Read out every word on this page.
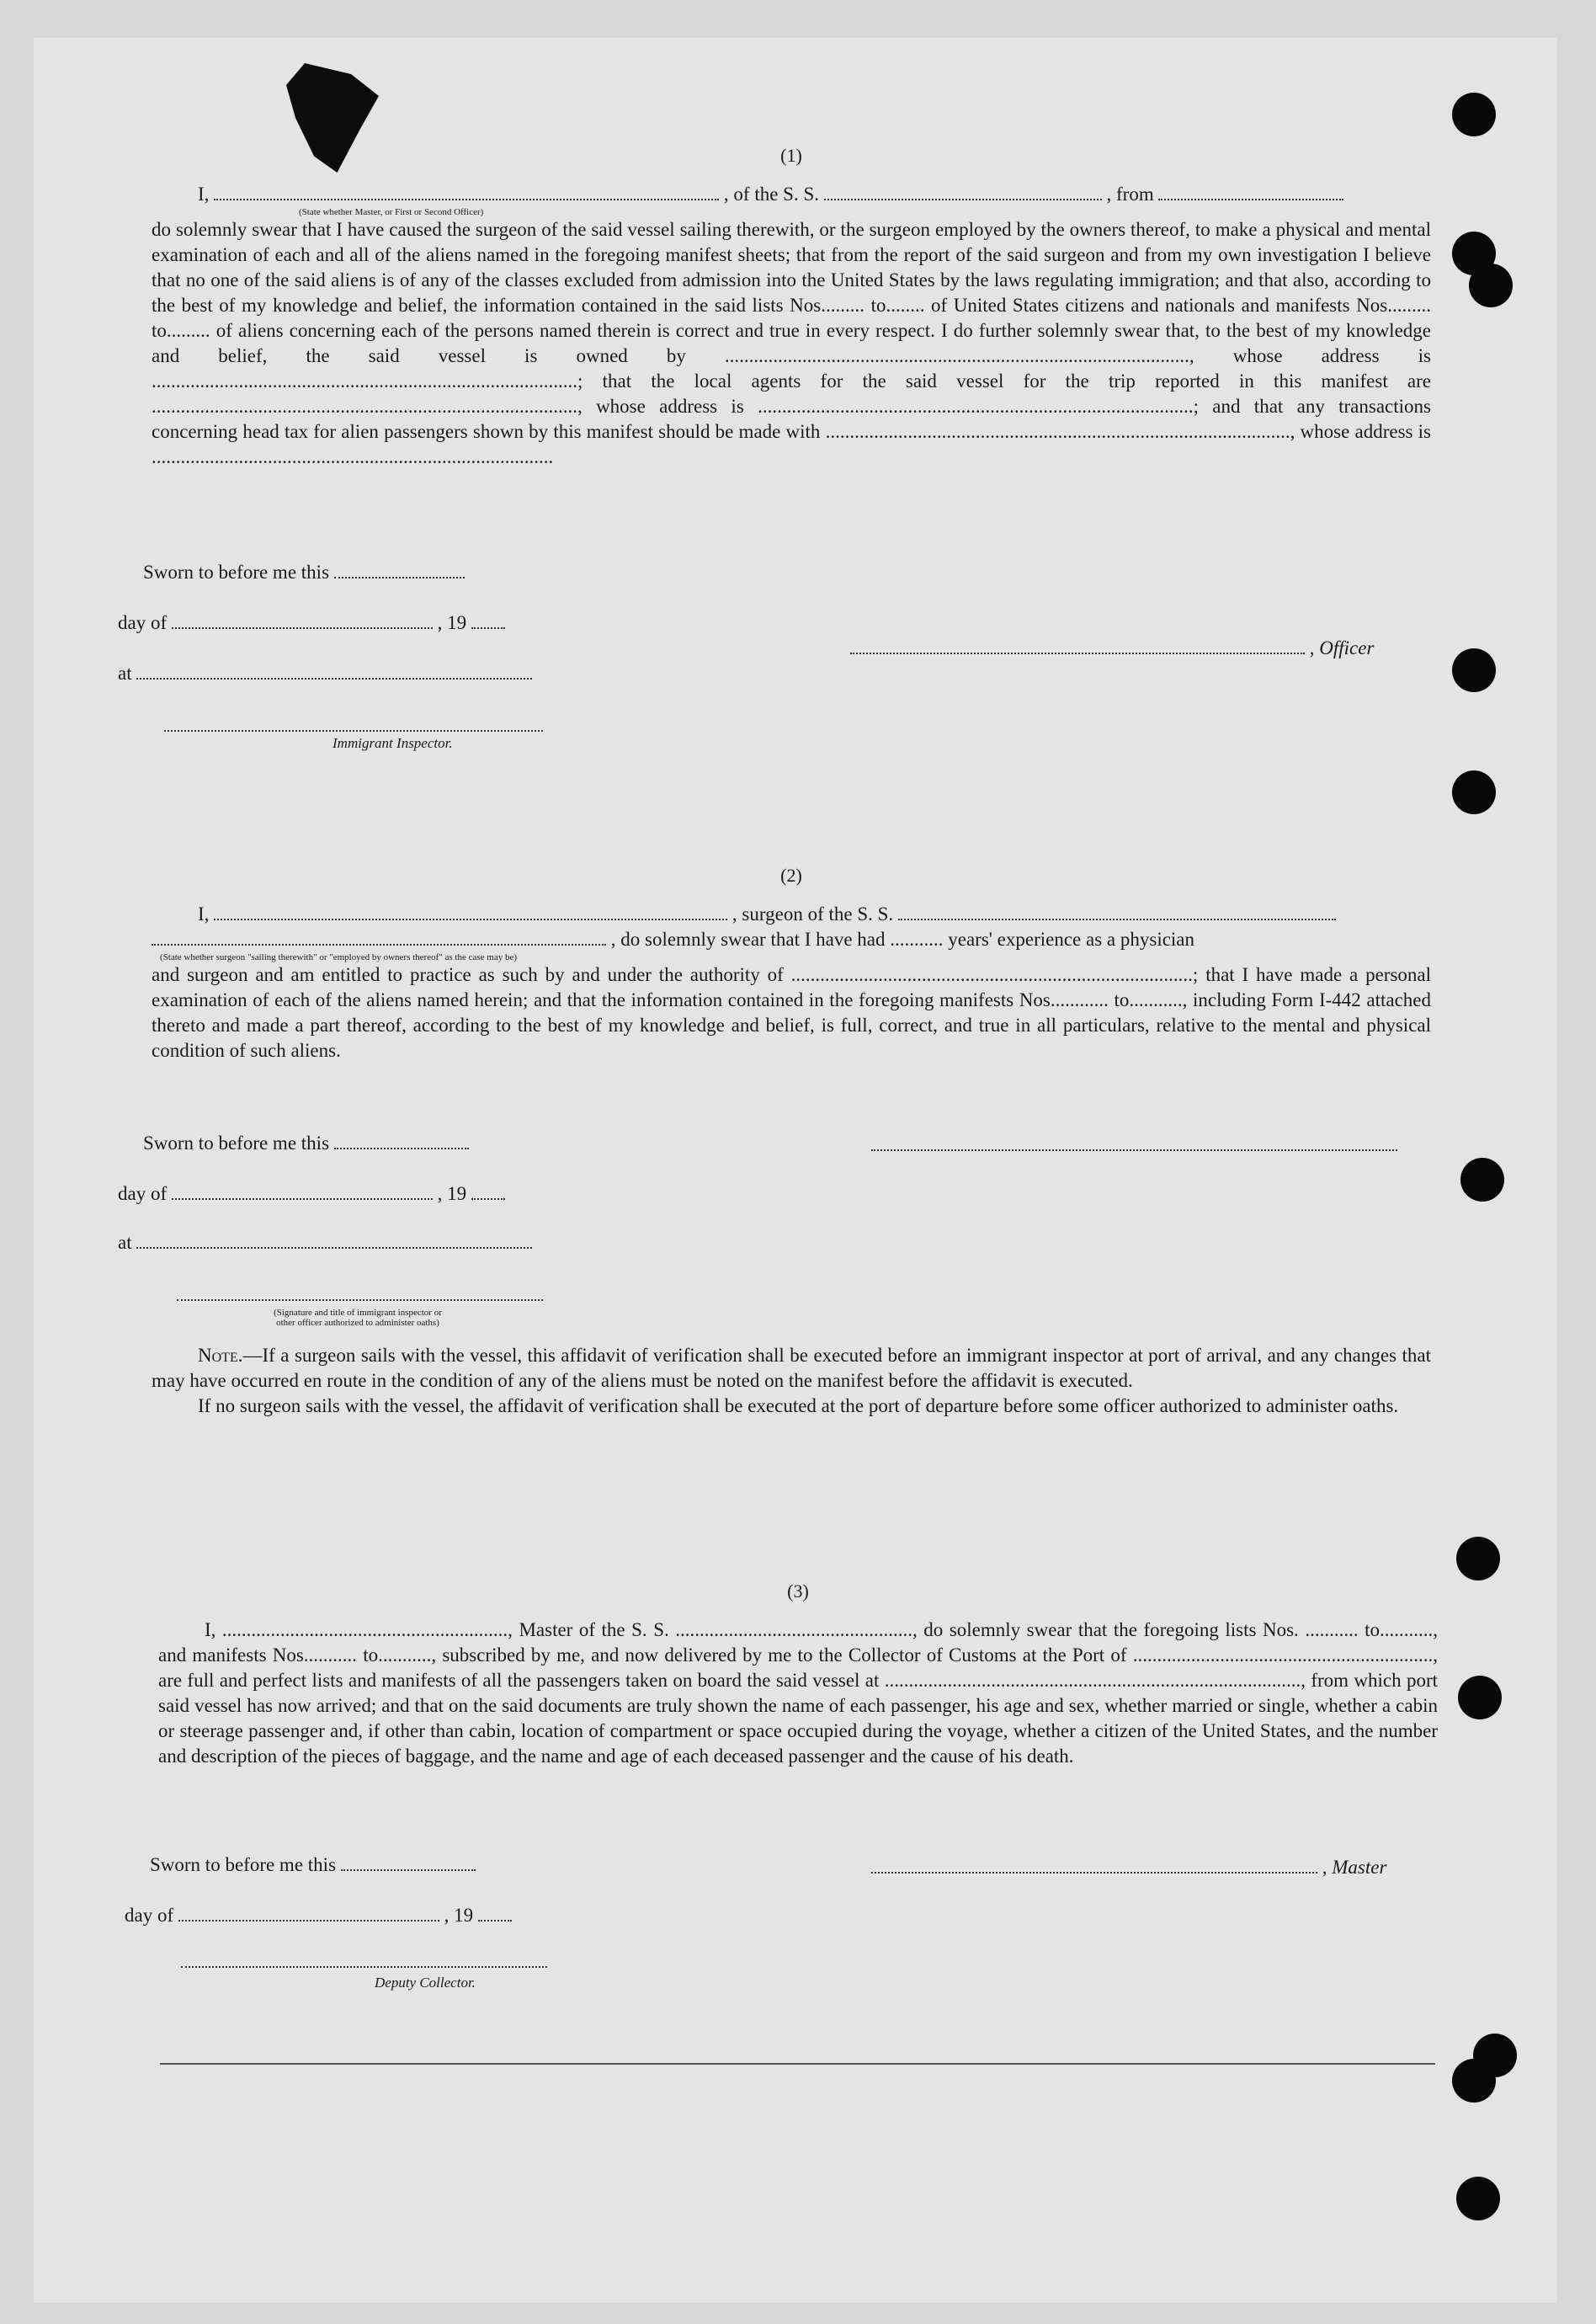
(1)
I,	, of the S. S.	, from
(State whether Master, or First or Second Officer)
do solemnly swear that I have caused the surgeon of the said vessel sailing therewith, or the surgeon employed by the owners thereof, to make a physical and mental examination of each and all of the aliens named in the foregoing manifest sheets; that from the report of the said surgeon and from my own investigation I believe that no one of the said aliens is of any of the classes excluded from admission into the United States by the laws regulating immigration; and that also, according to the best of my knowledge and belief, the information contained in the said lists Nos......... to........ of United States citizens and nationals and manifests Nos......... to......... of aliens concerning each of the persons named therein is correct and true in every respect. I do further solemnly swear that, to the best of my knowledge and belief, the said vessel is owned by ................................................................................................, whose address is ........................................................................................; that the local agents for the said vessel for the trip reported in this manifest are ........................................................................................, whose address is ..........................................................................................; and that any transactions concerning head tax for alien passengers shown by this manifest should be made with ................................................................................................, whose address is ...................................................................................
Sworn to before me this
day of	, 19
at
, Officer
Immigrant Inspector.
(2)
I,	, surgeon of the S. S.
, do solemnly swear that I have had ........... years' experience as a physician
(State whether surgeon "sailing therewith" or "employed by owners thereof" as the case may be)
and surgeon and am entitled to practice as such by and under the authority of ...................................................................................; that I have made a personal examination of each of the aliens named herein; and that the information contained in the foregoing manifests Nos............ to..........., including Form I-442 attached thereto and made a part thereof, according to the best of my knowledge and belief, is full, correct, and true in all particulars, relative to the mental and physical condition of such aliens.
Sworn to before me this
day of	, 19
at
(Signature and title of immigrant inspector or
other officer authorized to administer oaths)
Note.—If a surgeon sails with the vessel, this affidavit of verification shall be executed before an immigrant inspector at port of arrival, and any changes that may have occurred en route in the condition of any of the aliens must be noted on the manifest before the affidavit is executed.
If no surgeon sails with the vessel, the affidavit of verification shall be executed at the port of departure before some officer authorized to administer oaths.
(3)
I, ..........................................................., Master of the S. S. ................................................., do solemnly swear that the foregoing lists Nos. ........... to..........., and manifests Nos........... to..........., subscribed by me, and now delivered by me to the Collector of Customs at the Port of .............................................................., are full and perfect lists and manifests of all the passengers taken on board the said vessel at ......................................................................................, from which port said vessel has now arrived; and that on the said documents are truly shown the name of each passenger, his age and sex, whether married or single, whether a cabin or steerage passenger and, if other than cabin, location of compartment or space occupied during the voyage, whether a citizen of the United States, and the number and description of the pieces of baggage, and the name and age of each deceased passenger and the cause of his death.
Sworn to before me this	, Master
day of	, 19
Deputy Collector.
